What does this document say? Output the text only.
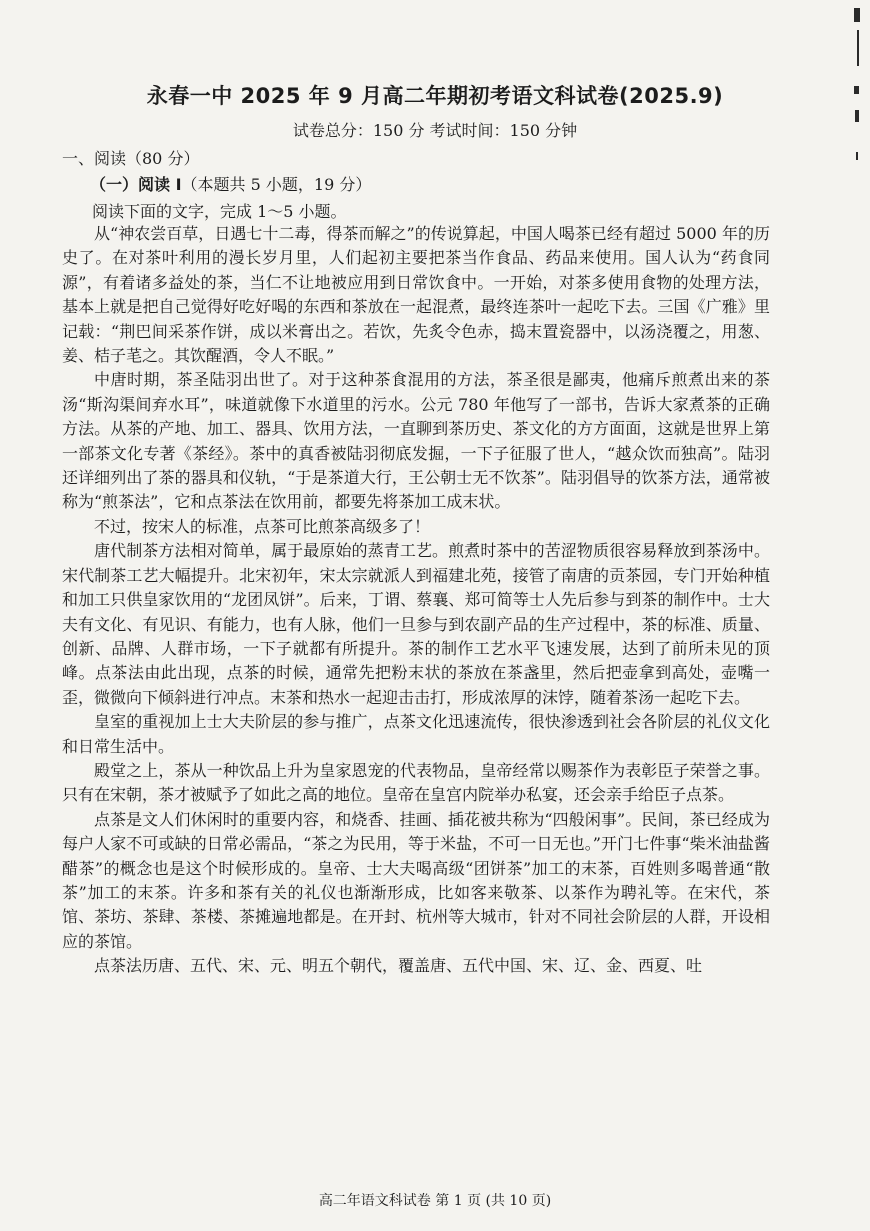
永春一中 2025 年 9 月高二年期初考语文科试卷(2025.9)
试卷总分：150 分 考试时间：150 分钟
一、阅读（80 分）
（一）阅读 I（本题共 5 小题，19 分）
阅读下面的文字，完成 1～5 小题。

从“神农尝百草，日遇七十二毒，得茶而解之”的传说算起，中国人喝茶已经有超过 5000 年的历史了。在对茶叶利用的漫长岁月里，人们起初主要把茶当作食品、药品来使用。国人认为“药食同源”，有着诸多益处的茶，当仁不让地被应用到日常饮食中。一开始，对茶多使用食物的处理方法，基本上就是把自己觉得好吃好喝的东西和茶放在一起混煮，最终连茶叶一起吃下去。三国《广雅》里记载：“荆巴间采茶作饼，成以米膏出之。若饮，先炙令色赤，捣末置瓷器中，以汤浇覆之，用葱、姜、桔子芼之。其饮醒酒，令人不眠。”

中唐时期，茶圣陆羽出世了。对于这种茶食混用的方法，茶圣很是鄙夷，他痛斥煎煮出来的茶汤“斯沟渠间弃水耳”，味道就像下水道里的污水。公元 780 年他写了一部书，告诉大家煮茶的正确方法。从茶的产地、加工、器具、饮用方法，一直聊到茶历史、茶文化的方方面面，这就是世界上第一部茶文化专著《茶经》。茶中的真香被陆羽彻底发掘，一下子征服了世人，“越众饮而独高”。陆羽还详细列出了茶的器具和仪轨，“于是茶道大行，王公朝士无不饮茶”。陆羽倡导的饮茶方法，通常被称为“煎茶法”，它和点茶法在饮用前，都要先将茶加工成末状。

不过，按宋人的标准，点茶可比煎茶高级多了！

唐代制茶方法相对简单，属于最原始的蒸青工艺。煎煮时茶中的苦涩物质很容易释放到茶汤中。宋代制茶工艺大幅提升。北宋初年，宋太宗就派人到福建北苑，接管了南唐的贡茶园，专门开始种植和加工只供皇家饮用的“龙团凤饼”。后来，丁谓、蔡襄、郑可简等士人先后参与到茶的制作中。士大夫有文化、有见识、有能力，也有人脉，他们一旦参与到农副产品的生产过程中，茶的标准、质量、创新、品牌、人群市场，一下子就都有所提升。茶的制作工艺水平飞速发展，达到了前所未见的顶峰。点茶法由此出现，点茶的时候，通常先把粉末状的茶放在茶盏里，然后把壶拿到高处，壶嘴一歪，微微向下倾斜进行冲点。末茶和热水一起迎击击打，形成浓厚的沫饽，随着茶汤一起吃下去。

皇室的重视加上士大夫阶层的参与推广，点茶文化迅速流传，很快渗透到社会各阶层的礼仪文化和日常生活中。

殿堂之上，茶从一种饮品上升为皇家恩宠的代表物品，皇帝经常以赐茶作为表彰臣子荣誉之事。只有在宋朝，茶才被赋予了如此之高的地位。皇帝在皇宫内院举办私宴，还会亲手给臣子点茶。

点茶是文人们休闲时的重要内容，和烧香、挂画、插花被共称为“四般闲事”。民间，茶已经成为每户人家不可或缺的日常必需品，“茶之为民用，等于米盐，不可一日无也。”开门七件事“柴米油盐酱醋茶”的概念也是这个时候形成的。皇帝、士大夫喝高级“团饼茶”加工的末茶，百姓则多喝普通“散茶”加工的末茶。许多和茶有关的礼仪也渐渐形成，比如客来敬茶、以茶作为聘礼等。在宋代，茶馆、茶坊、茶肆、茶楼、茶摊遍地都是。在开封、杭州等大城市，针对不同社会阶层的人群，开设相应的茶馆。

点茶法历唐、五代、宋、元、明五个朝代，覆盖唐、五代中国、宋、辽、金、西夏、吐

高二年语文科试卷 第 1 页 (共 10 页)
